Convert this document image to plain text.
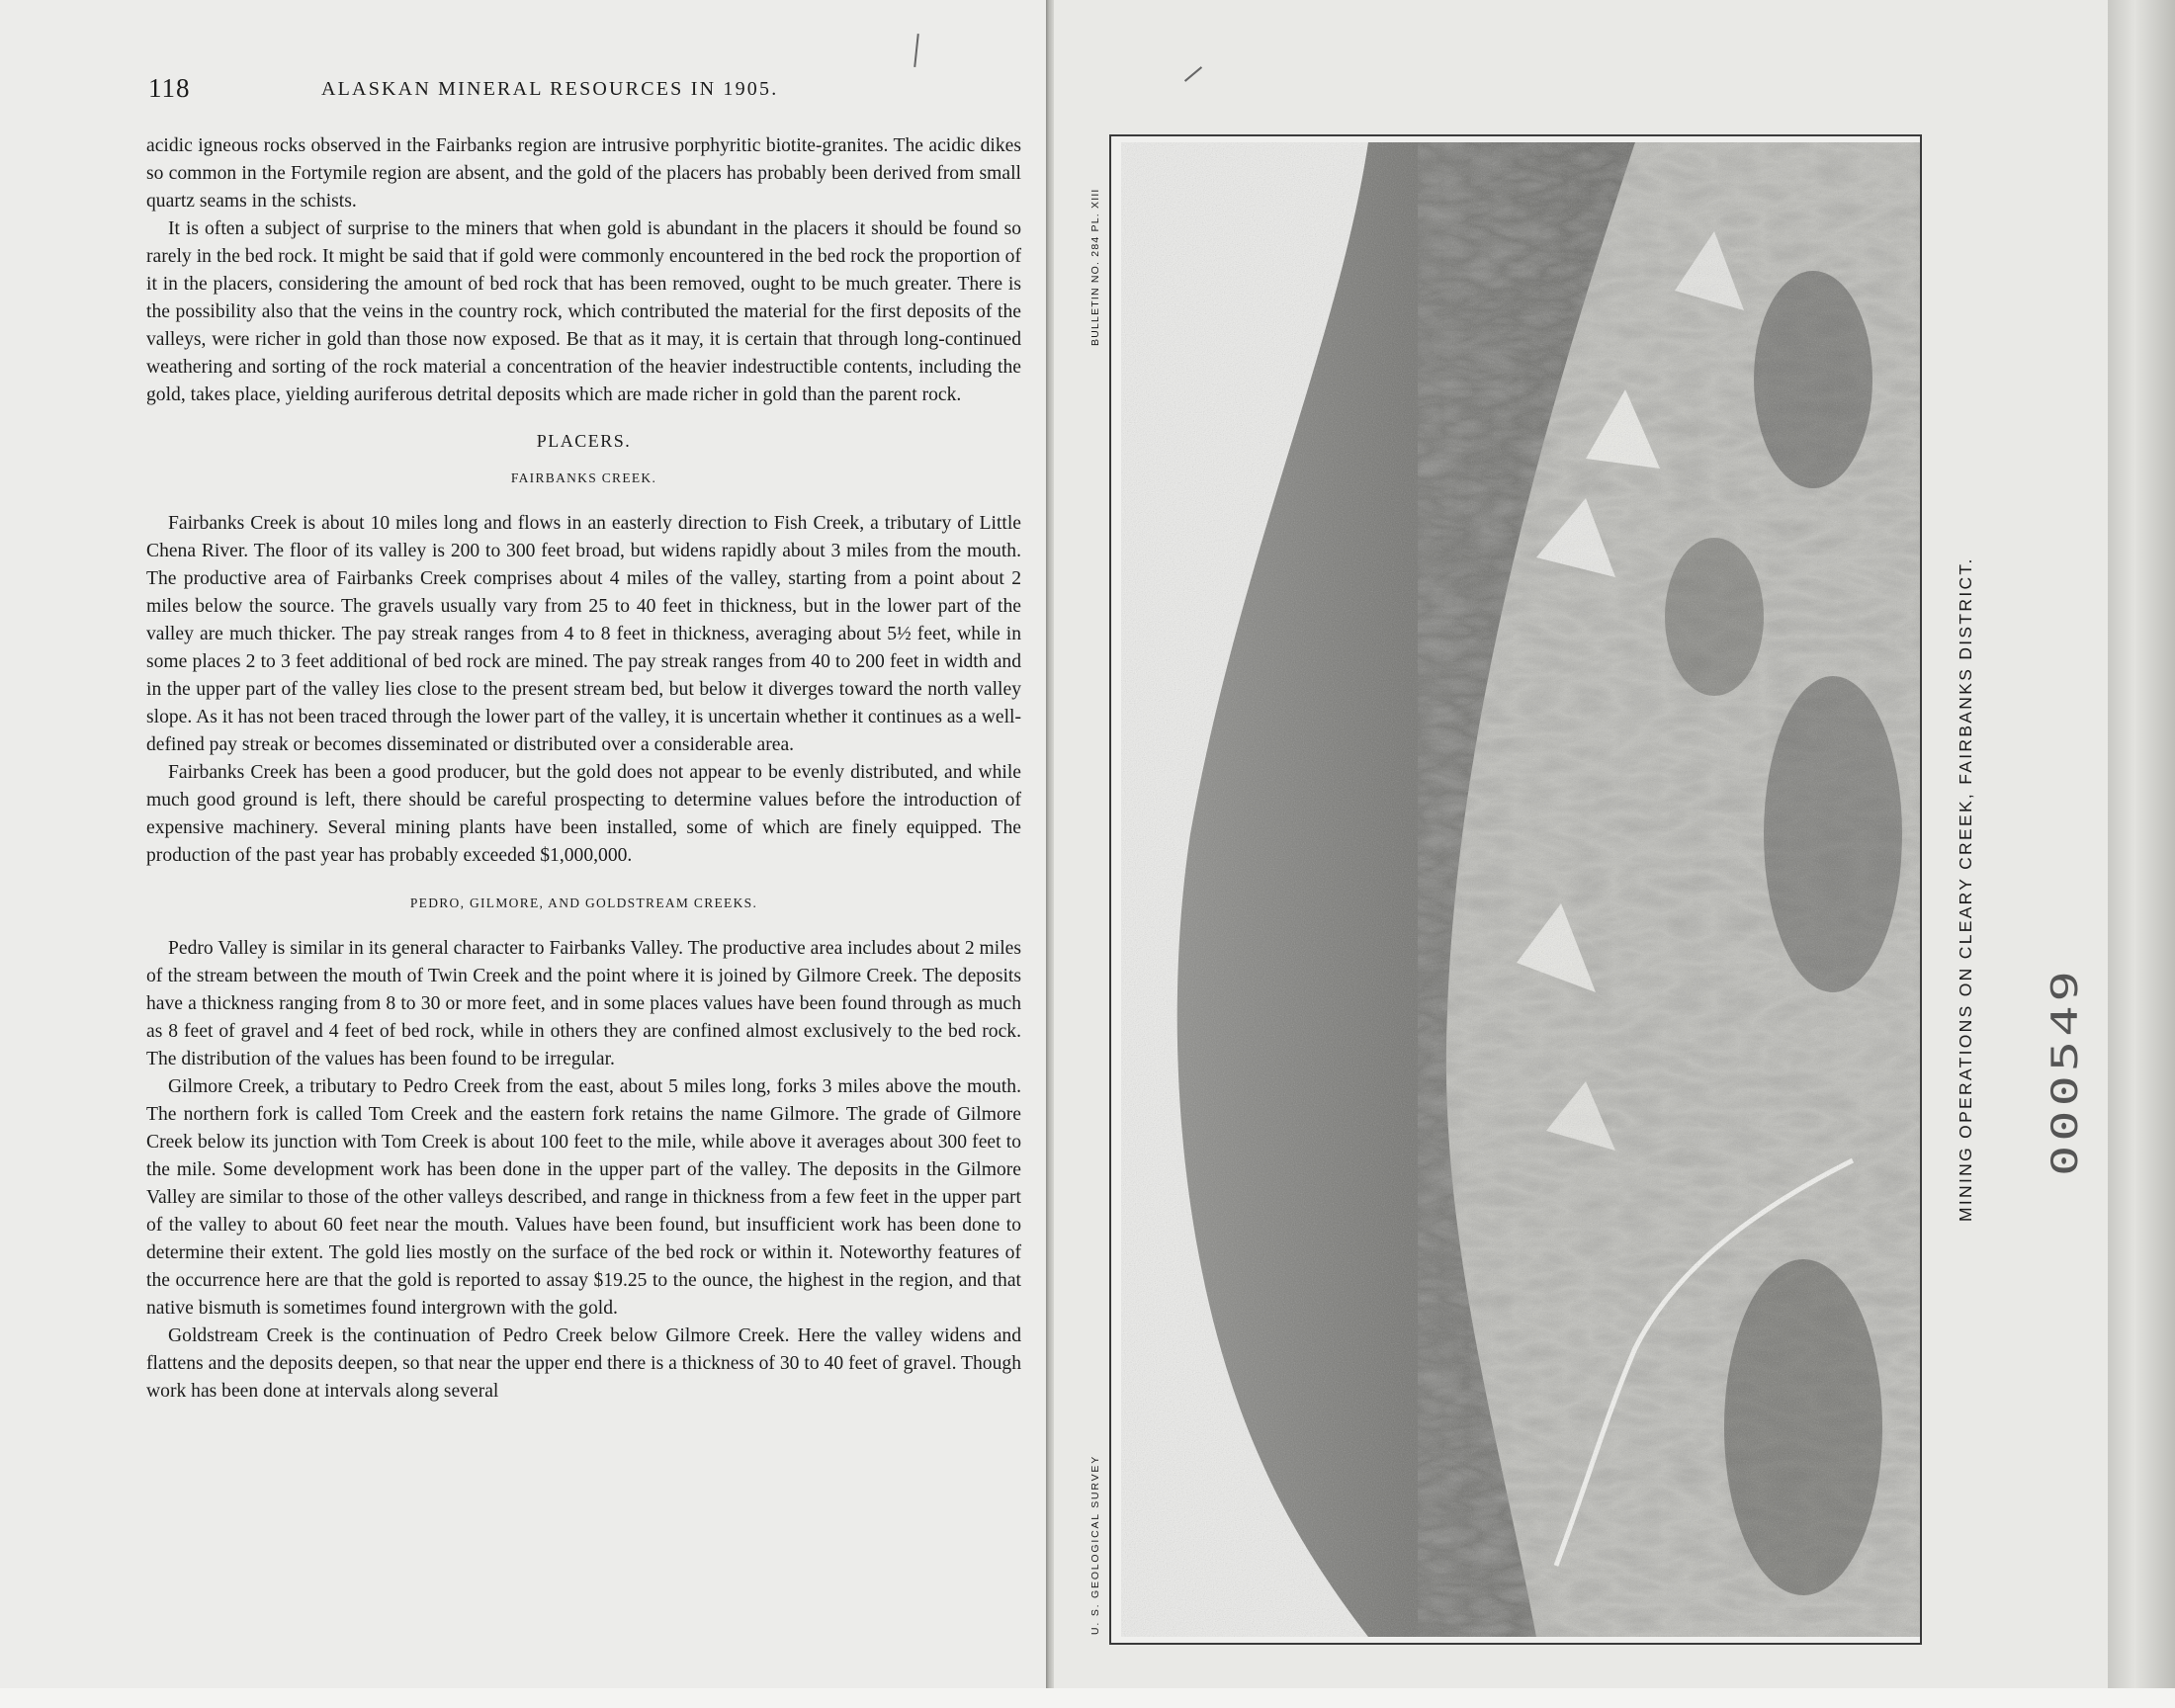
118	ALASKAN MINERAL RESOURCES IN 1905.

acidic igneous rocks observed in the Fairbanks region are intrusive porphyritic biotite-granites. The acidic dikes so common in the Fortymile region are absent, and the gold of the placers has probably been derived from small quartz seams in the schists.

It is often a subject of surprise to the miners that when gold is abundant in the placers it should be found so rarely in the bed rock. It might be said that if gold were commonly encountered in the bed rock the proportion of it in the placers, considering the amount of bed rock that has been removed, ought to be much greater. There is the possibility also that the veins in the country rock, which contributed the material for the first deposits of the valleys, were richer in gold than those now exposed. Be that as it may, it is certain that through long-continued weathering and sorting of the rock material a concentration of the heavier indestructible contents, including the gold, takes place, yielding auriferous detrital deposits which are made richer in gold than the parent rock.

PLACERS.
FAIRBANKS CREEK.

Fairbanks Creek is about 10 miles long and flows in an easterly direction to Fish Creek, a tributary of Little Chena River. The floor of its valley is 200 to 300 feet broad, but widens rapidly about 3 miles from the mouth. The productive area of Fairbanks Creek comprises about 4 miles of the valley, starting from a point about 2 miles below the source. The gravels usually vary from 25 to 40 feet in thickness, but in the lower part of the valley are much thicker. The pay streak ranges from 4 to 8 feet in thickness, averaging about 5½ feet, while in some places 2 to 3 feet additional of bed rock are mined. The pay streak ranges from 40 to 200 feet in width and in the upper part of the valley lies close to the present stream bed, but below it diverges toward the north valley slope. As it has not been traced through the lower part of the valley, it is uncertain whether it continues as a well-defined pay streak or becomes disseminated or distributed over a considerable area.

Fairbanks Creek has been a good producer, but the gold does not appear to be evenly distributed, and while much good ground is left, there should be careful prospecting to determine values before the introduction of expensive machinery. Several mining plants have been installed, some of which are finely equipped. The production of the past year has probably exceeded $1,000,000.

PEDRO, GILMORE, AND GOLDSTREAM CREEKS.

Pedro Valley is similar in its general character to Fairbanks Valley. The productive area includes about 2 miles of the stream between the mouth of Twin Creek and the point where it is joined by Gilmore Creek. The deposits have a thickness ranging from 8 to 30 or more feet, and in some places values have been found through as much as 8 feet of gravel and 4 feet of bed rock, while in others they are confined almost exclusively to the bed rock. The distribution of the values has been found to be irregular.

Gilmore Creek, a tributary to Pedro Creek from the east, about 5 miles long, forks 3 miles above the mouth. The northern fork is called Tom Creek and the eastern fork retains the name Gilmore. The grade of Gilmore Creek below its junction with Tom Creek is about 100 feet to the mile, while above it averages about 300 feet to the mile. Some development work has been done in the upper part of the valley. The deposits in the Gilmore Valley are similar to those of the other valleys described, and range in thickness from a few feet in the upper part of the valley to about 60 feet near the mouth. Values have been found, but insufficient work has been done to determine their extent. The gold lies mostly on the surface of the bed rock or within it. Noteworthy features of the occurrence here are that the gold is reported to assay $19.25 to the ounce, the highest in the region, and that native bismuth is sometimes found intergrown with the gold.

Goldstream Creek is the continuation of Pedro Creek below Gilmore Creek. Here the valley widens and flattens and the deposits deepen, so that near the upper end there is a thickness of 30 to 40 feet of gravel. Though work has been done at intervals along several

BULLETIN NO. 284 PL. XIII
U. S. GEOLOGICAL SURVEY
MINING OPERATIONS ON CLEARY CREEK, FAIRBANKS DISTRICT. 000549
